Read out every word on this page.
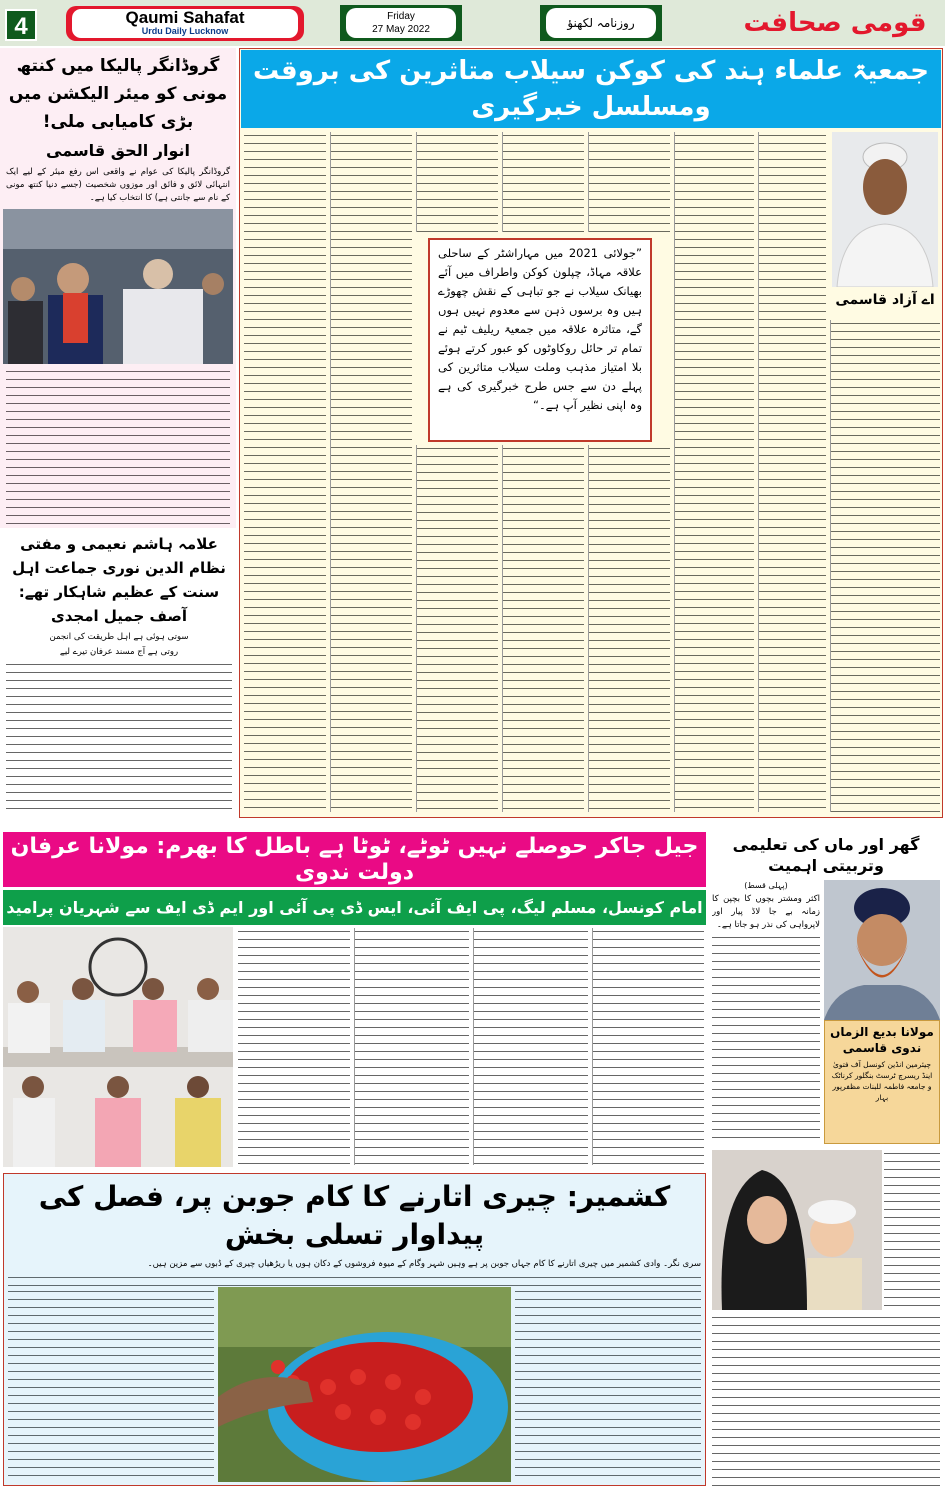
4	Qaumi Sahafat
Urdu Daily Lucknow
Friday
27 May 2022	روزنامہ لکھنؤ	قومی صحافت
گروڈانگر پالیکا میں کنتھ مونی کو میئر الیکشن میں بڑی کامیابی ملی!
انوار الحق قاسمی
گروڈانگر پالیکا کی عوام نے واقعی اس رفع میئر کے لیے ایک انتہائی لائق و فائق اور موزوں شخصیت (جسے دنیا کنتھ مونی کے نام سے جانتی ہے) کا انتخاب کیا ہے۔
علامہ ہاشم نعیمی و مفتی نظام الدین نوری جماعت اہل سنت کے عظیم شاہکار تھے: آصف جمیل امجدی
سوتی ہوئی ہے اہل طریقت کی انجمن
روتی ہے آج مسند عرفان تیرے لیے
جمعیۃ علماء ہند کی کوکن سیلاب متاثرین کی بروقت ومسلسل خبرگیری
”جولائی 2021 میں مہاراشٹر کے ساحلی علاقہ مہاڈ، چپلون کوکن واطراف میں آئے بھیانک سیلاب نے جو تباہی کے نقش چھوڑے ہیں وہ برسوں ذہن سے معدوم نہیں ہوں گے، متاثرہ علاقہ میں جمعیۃ ریلیف ٹیم نے تمام تر حائل روکاوٹوں کو عبور کرتے ہوئے بلا امتیاز مذہب وملت سیلاب متاثرین کی پہلے دن سے جس طرح خبرگیری کی ہے وہ اپنی نظیر آپ ہے۔“
اے آزاد قاسمی
جیل جاکر حوصلے نہیں ٹوٹے، ٹوٹا ہے باطل کا بھرم: مولانا عرفان دولت ندوی
امام کونسل، مسلم لیگ، پی ایف آئی، ایس ڈی پی آئی اور ایم ڈی ایف سے شہریان پرامید
گھر اور ماں کی تعلیمی وتربیتی اہمیت
(پہلی قسط)
اکثر ومشتر بچوں کا بچپن کا زمانہ بے جا لاڈ پیار اور لاپرواہی کی نذر ہو جاتا ہے۔
مولانا بدیع الزماں ندوی قاسمی
چیئرمین انڈین کونسل آف فتویٰ اینڈ ریسرچ ٹرسٹ بنگلور کرناٹک و جامعہ فاطمہ للبنات مظفرپور بہار
کشمیر: چیری اتارنے کا کام جوبن پر، فصل کی پیداوار تسلی بخش
سری نگر۔ وادی کشمیر میں چیری اتارنے کا کام جہاں جوبن پر ہے وہیں شہر وگام کے میوہ فروشوں کے دکان ہوں یا ریڑھیاں چیری کے ڈبوں سے مزین ہیں۔
